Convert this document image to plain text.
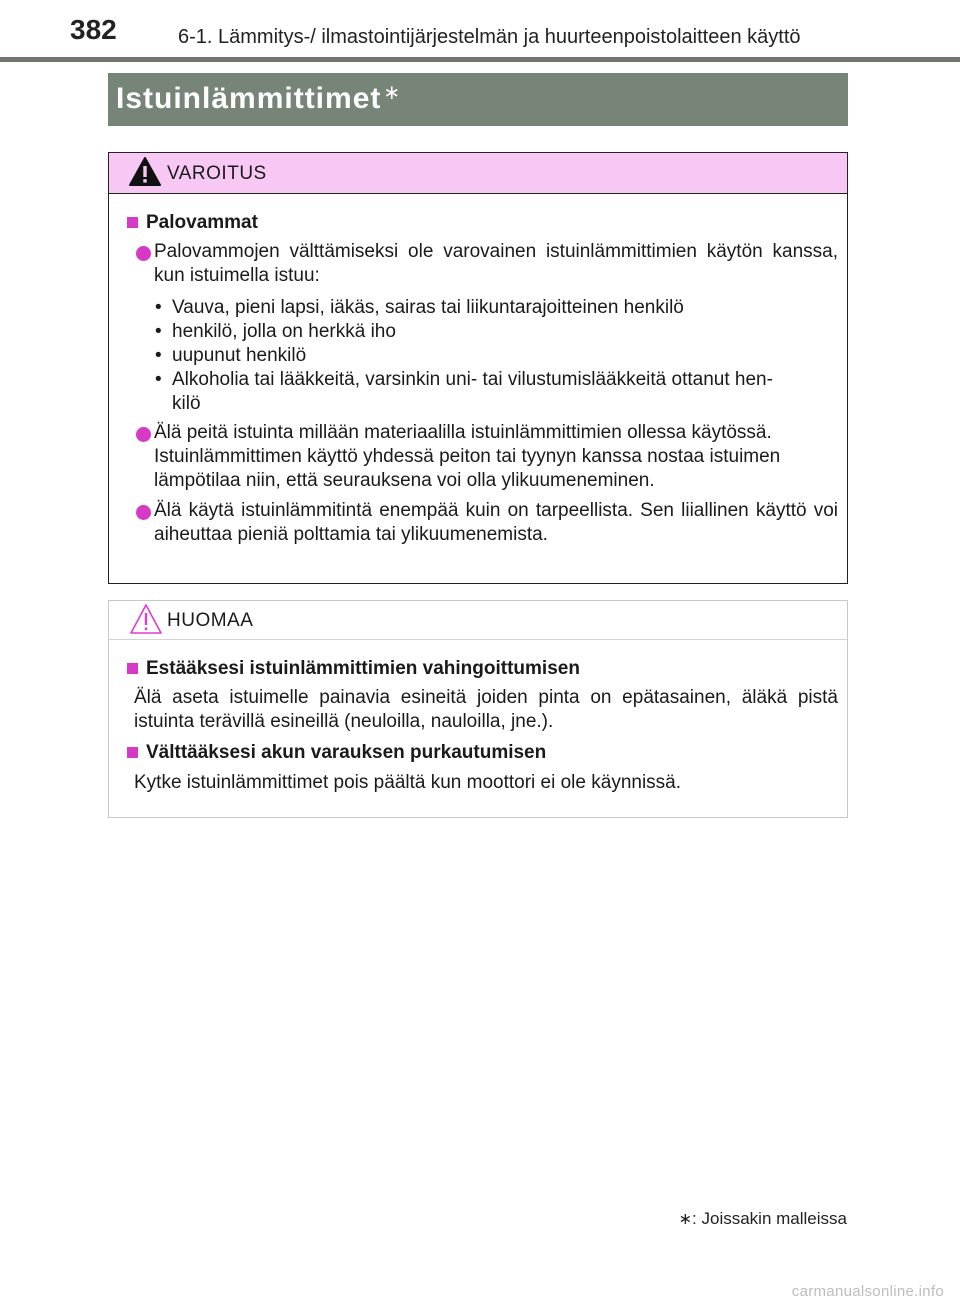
382	6-1. Lämmitys-/ ilmastointijärjestelmän ja huurteenpoistolaitteen käyttö
Istuinlämmittimet ∗
VAROITUS
Palovammat
Palovammojen välttämiseksi ole varovainen istuinlämmittimien käytön kanssa, kun istuimella istuu:
• Vauva, pieni lapsi, iäkäs, sairas tai liikuntarajoitteinen henkilö
• henkilö, jolla on herkkä iho
• uupunut henkilö
• Alkoholia tai lääkkeitä, varsinkin uni- tai vilustumislääkkeitä ottanut hen-
kilö
Älä peitä istuinta millään materiaalilla istuinlämmittimien ollessa käytössä.
Istuinlämmittimen käyttö yhdessä peiton tai tyynyn kanssa nostaa istuimen
lämpötilaa niin, että seurauksena voi olla ylikuumeneminen.
Älä käytä istuinlämmitintä enempää kuin on tarpeellista. Sen liiallinen käyttö voi aiheuttaa pieniä polttamia tai ylikuumenemista.
HUOMAA
Estääksesi istuinlämmittimien vahingoittumisen
Älä aseta istuimelle painavia esineitä joiden pinta on epätasainen, äläkä pistä istuinta terävillä esineillä (neuloilla, nauloilla, jne.).
Välttääksesi akun varauksen purkautumisen
Kytke istuinlämmittimet pois päältä kun moottori ei ole käynnissä.
∗: Joissakin malleissa
carmanualsonline.info
